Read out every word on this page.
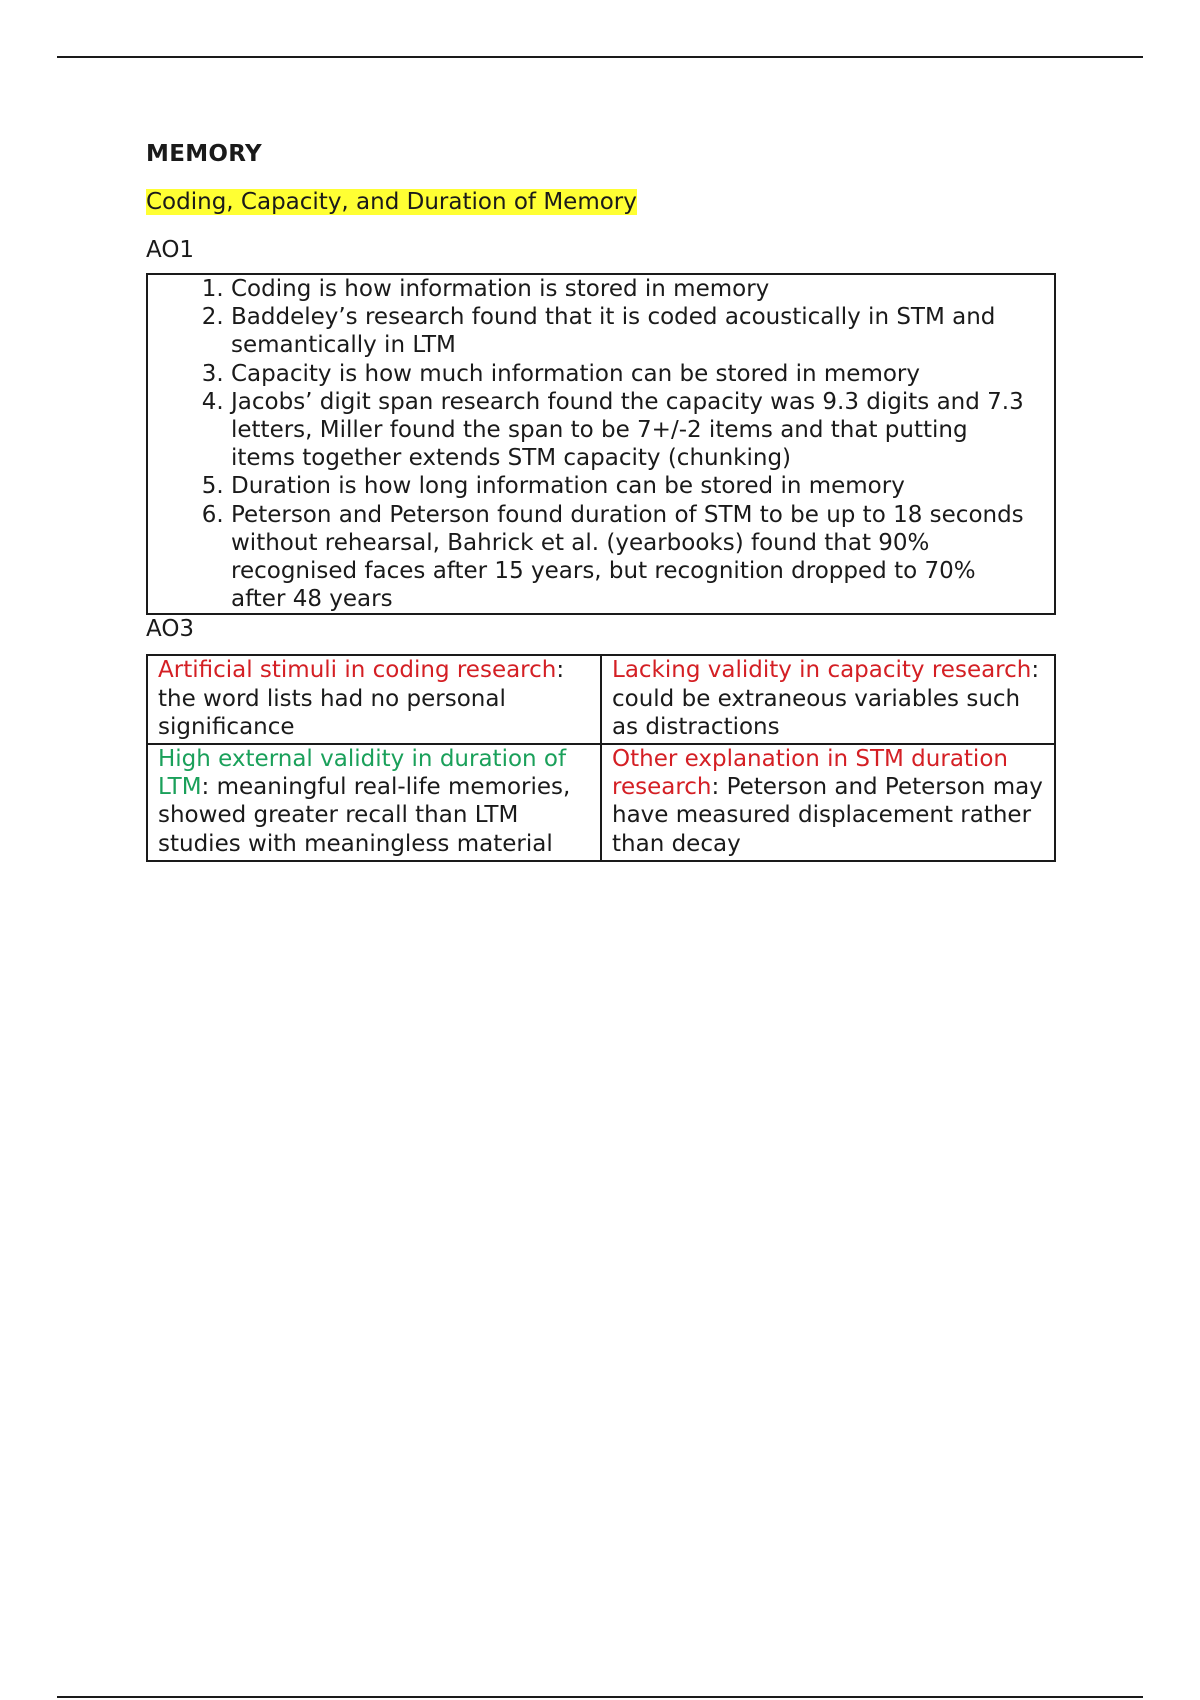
MEMORY
Coding, Capacity, and Duration of Memory
AO1
1. Coding is how information is stored in memory
2. Baddeley’s research found that it is coded acoustically in STM and semantically in LTM
3. Capacity is how much information can be stored in memory
4. Jacobs’ digit span research found the capacity was 9.3 digits and 7.3 letters, Miller found the span to be 7+/-2 items and that putting items together extends STM capacity (chunking)
5. Duration is how long information can be stored in memory
6. Peterson and Peterson found duration of STM to be up to 18 seconds without rehearsal, Bahrick et al. (yearbooks) found that 90% recognised faces after 15 years, but recognition dropped to 70% after 48 years
AO3
Artificial stimuli in coding research: the word lists had no personal significance	Lacking validity in capacity research: could be extraneous variables such as distractions
High external validity in duration of LTM: meaningful real-life memories, showed greater recall than LTM studies with meaningless material	Other explanation in STM duration research: Peterson and Peterson may have measured displacement rather than decay
